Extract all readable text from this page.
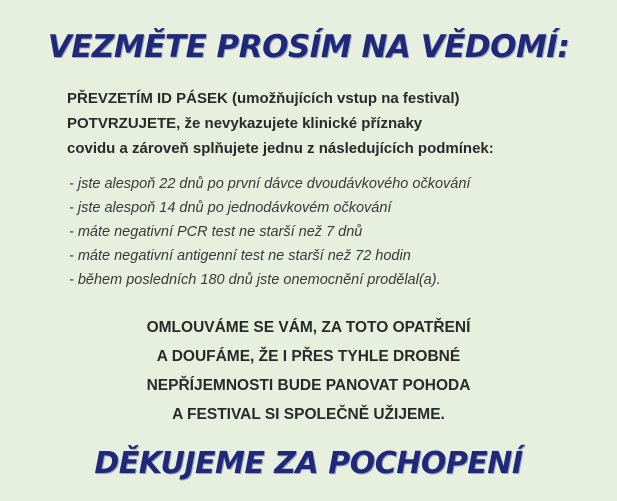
VEZMĚTE PROSÍM NA VĚDOMÍ:
PŘEVZETÍM ID PÁSEK (umožňujících vstup na festival)
POTVRZUJETE, že nevykazujete klinické příznaky
covidu a zároveň splňujete jednu z následujících podmínek:
- jste alespoň 22 dnů po první dávce dvoudávkového očkování
- jste alespoň 14 dnů po jednodávkovém očkování
- máte negativní PCR test ne starší než 7 dnů
- máte negativní antigenní test ne starší než 72 hodin
- během posledních 180 dnů jste onemocnění prodělal(a).
OMLOUVÁME SE VÁM, ZA TOTO OPATŘENÍ
A DOUFÁME, ŽE I PŘES TYHLE DROBNÉ
NEPŘÍJEMNOSTI BUDE PANOVAT POHODA
A FESTIVAL SI SPOLEČNĚ UŽIJEME.
DĚKUJEME ZA POCHOPENÍ
